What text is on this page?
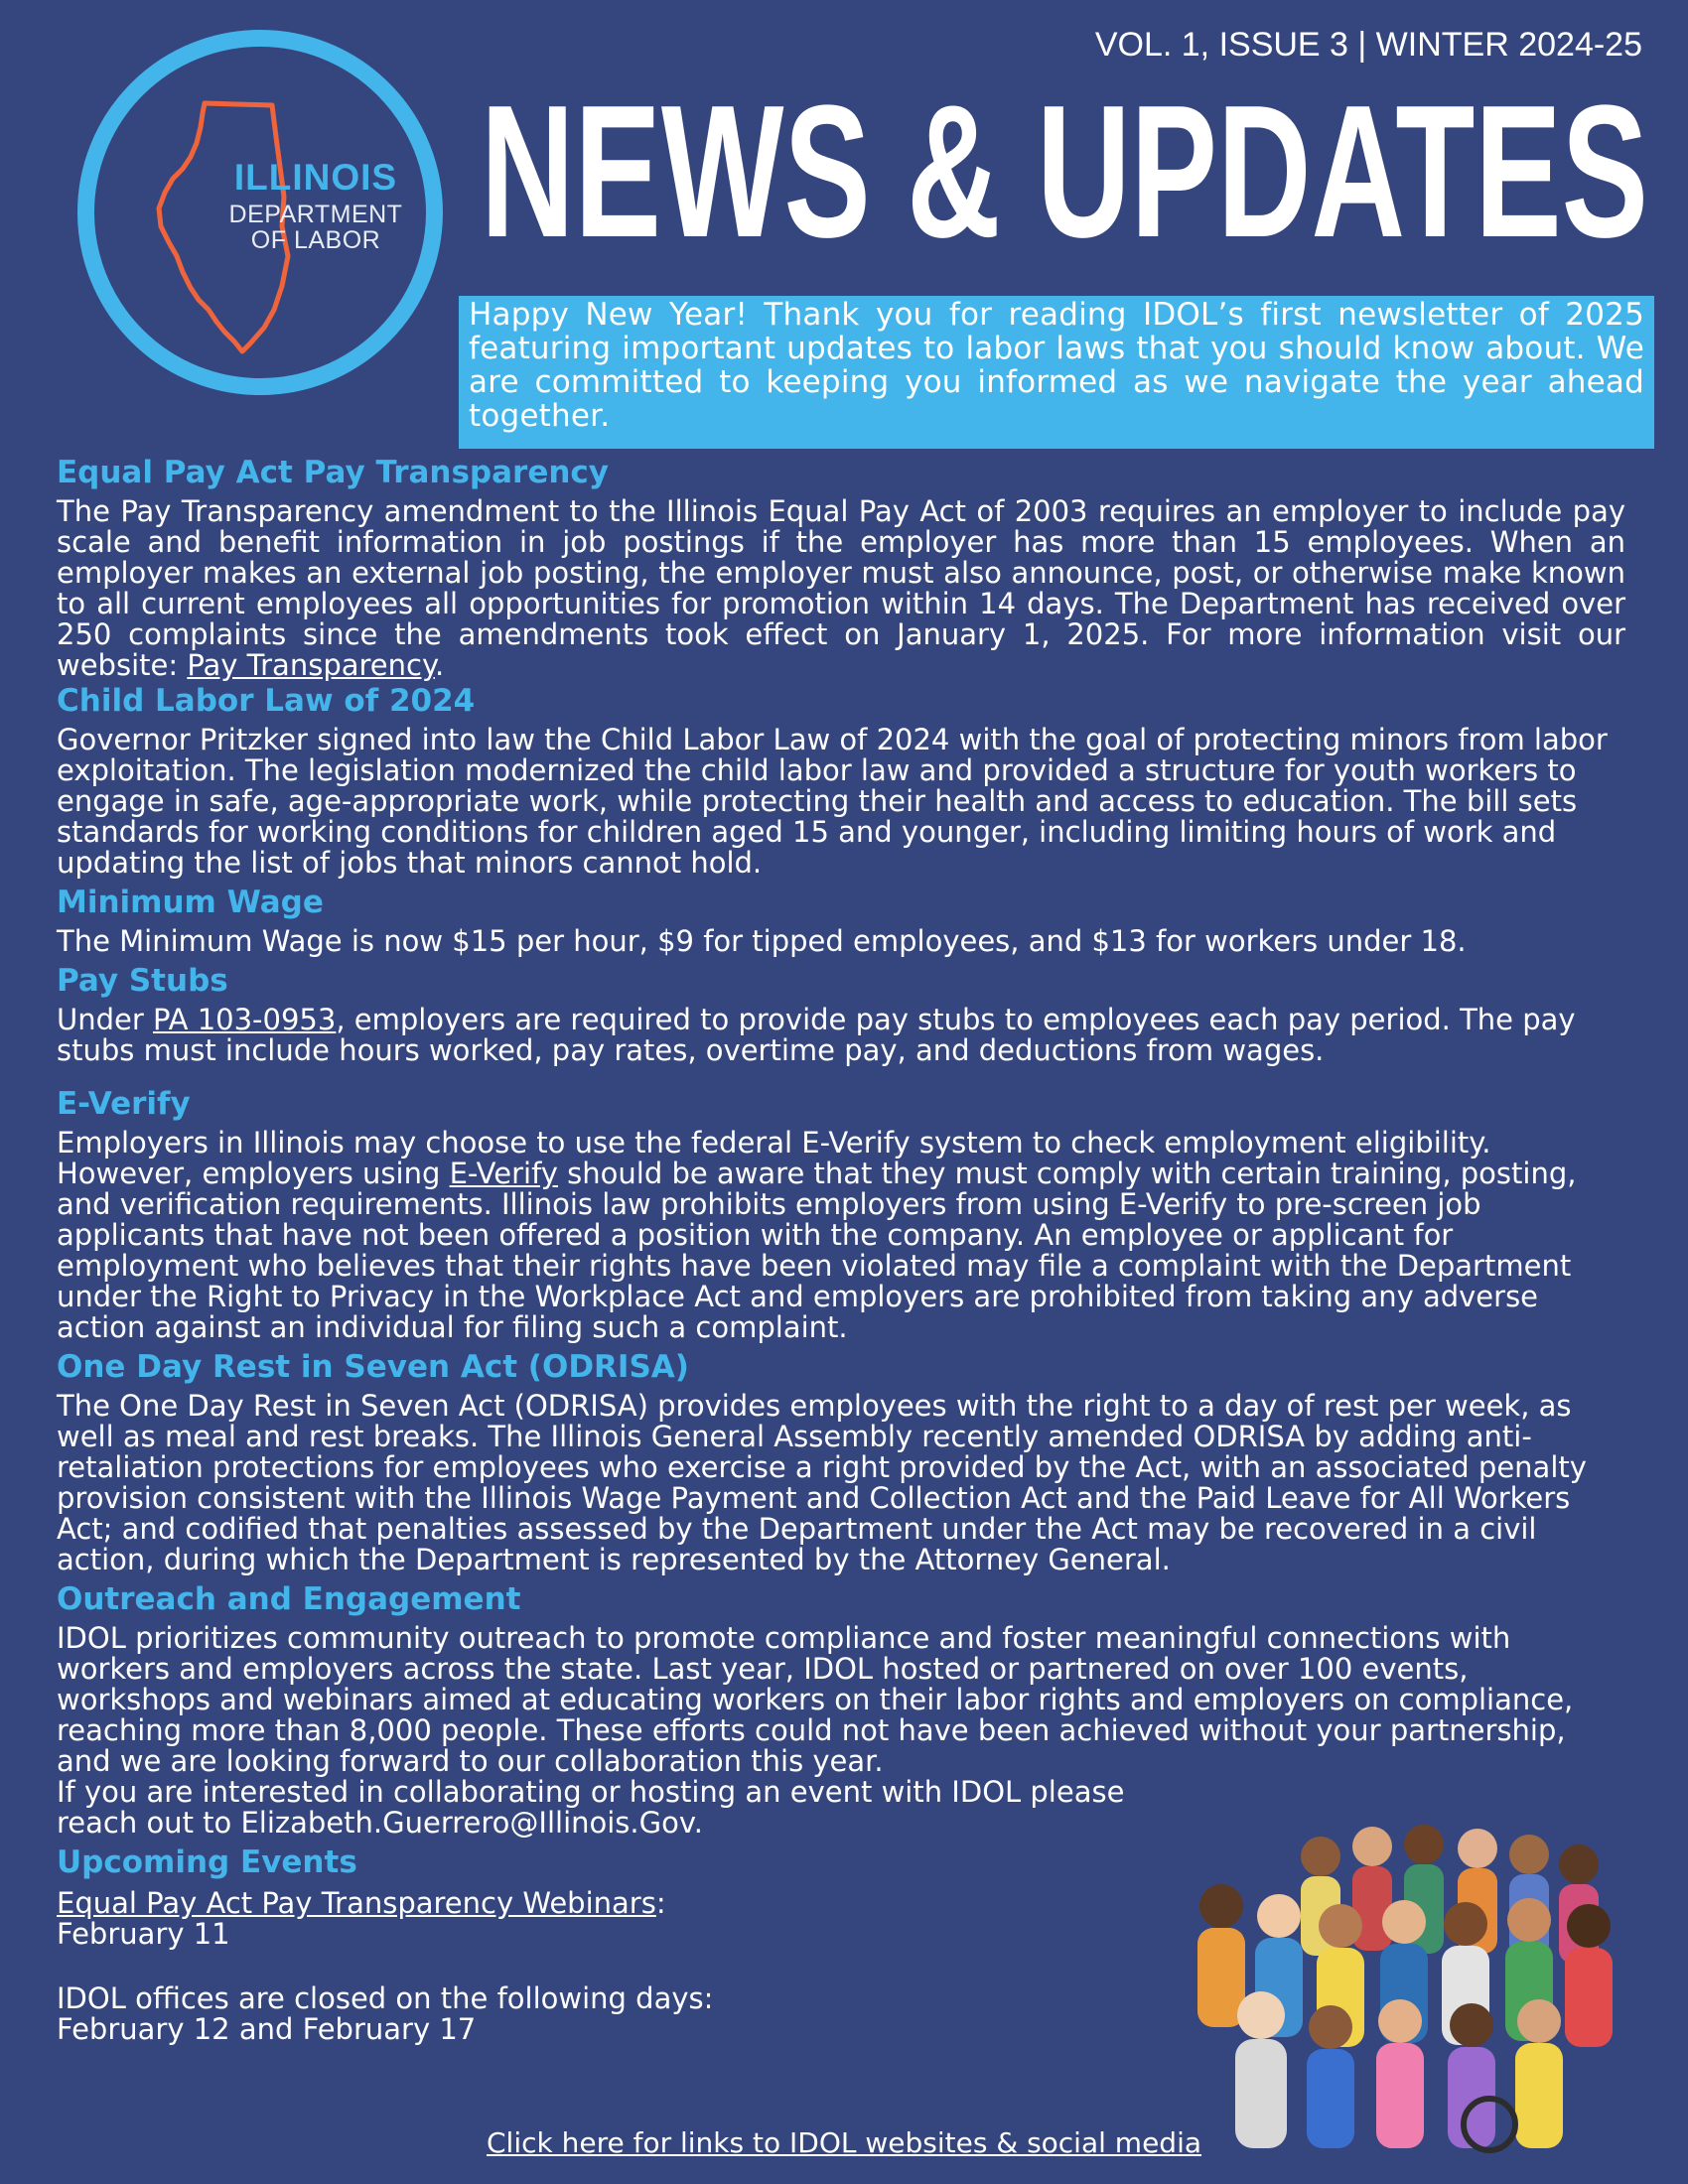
ILLINOIS
DEPARTMENT
OF LABOR
VOL. 1, ISSUE 3 | WINTER 2024-25
NEWS & UPDATES

Happy New Year! Thank you for reading IDOL’s first newsletter of 2025 featuring important updates to labor laws that you should know about. We are committed to keeping you informed as we navigate the year ahead together.

Equal Pay Act Pay Transparency

The Pay Transparency amendment to the Illinois Equal Pay Act of 2003 requires an employer to include pay scale and benefit information in job postings if the employer has more than 15 employees. When an employer makes an external job posting, the employer must also announce, post, or otherwise make known to all current employees all opportunities for promotion within 14 days. The Department has received over 250 complaints since the amendments took effect on January 1, 2025. For more information visit our website: Pay Transparency.

Child Labor Law of 2024

Governor Pritzker signed into law the Child Labor Law of 2024 with the goal of protecting minors from labor exploitation. The legislation modernized the child labor law and provided a structure for youth workers to engage in safe, age-appropriate work, while protecting their health and access to education. The bill sets standards for working conditions for children aged 15 and younger, including limiting hours of work and updating the list of jobs that minors cannot hold.

Minimum Wage

The Minimum Wage is now $15 per hour, $9 for tipped employees, and $13 for workers under 18.

Pay Stubs

Under PA 103-0953, employers are required to provide pay stubs to employees each pay period. The pay stubs must include hours worked, pay rates, overtime pay, and deductions from wages.

E-Verify

Employers in Illinois may choose to use the federal E-Verify system to check employment eligibility. However, employers using E-Verify should be aware that they must comply with certain training, posting, and verification requirements. Illinois law prohibits employers from using E-Verify to pre-screen job applicants that have not been offered a position with the company. An employee or applicant for employment who believes that their rights have been violated may file a complaint with the Department under the Right to Privacy in the Workplace Act and employers are prohibited from taking any adverse action against an individual for filing such a complaint.

One Day Rest in Seven Act (ODRISA)

The One Day Rest in Seven Act (ODRISA) provides employees with the right to a day of rest per week, as well as meal and rest breaks. The Illinois General Assembly recently amended ODRISA by adding anti-retaliation protections for employees who exercise a right provided by the Act, with an associated penalty provision consistent with the Illinois Wage Payment and Collection Act and the Paid Leave for All Workers Act; and codified that penalties assessed by the Department under the Act may be recovered in a civil action, during which the Department is represented by the Attorney General.

Outreach and Engagement

IDOL prioritizes community outreach to promote compliance and foster meaningful connections with workers and employers across the state. Last year, IDOL hosted or partnered on over 100 events, workshops and webinars aimed at educating workers on their labor rights and employers on compliance, reaching more than 8,000 people. These efforts could not have been achieved without your partnership, and we are looking forward to our collaboration this year.

If you are interested in collaborating or hosting an event with IDOL please

reach out to Elizabeth.Guerrero@Illinois.Gov.

Upcoming Events

Equal Pay Act Pay Transparency Webinars:

February 11

IDOL offices are closed on the following days:

February 12 and February 17

Click here for links to IDOL websites & social media
